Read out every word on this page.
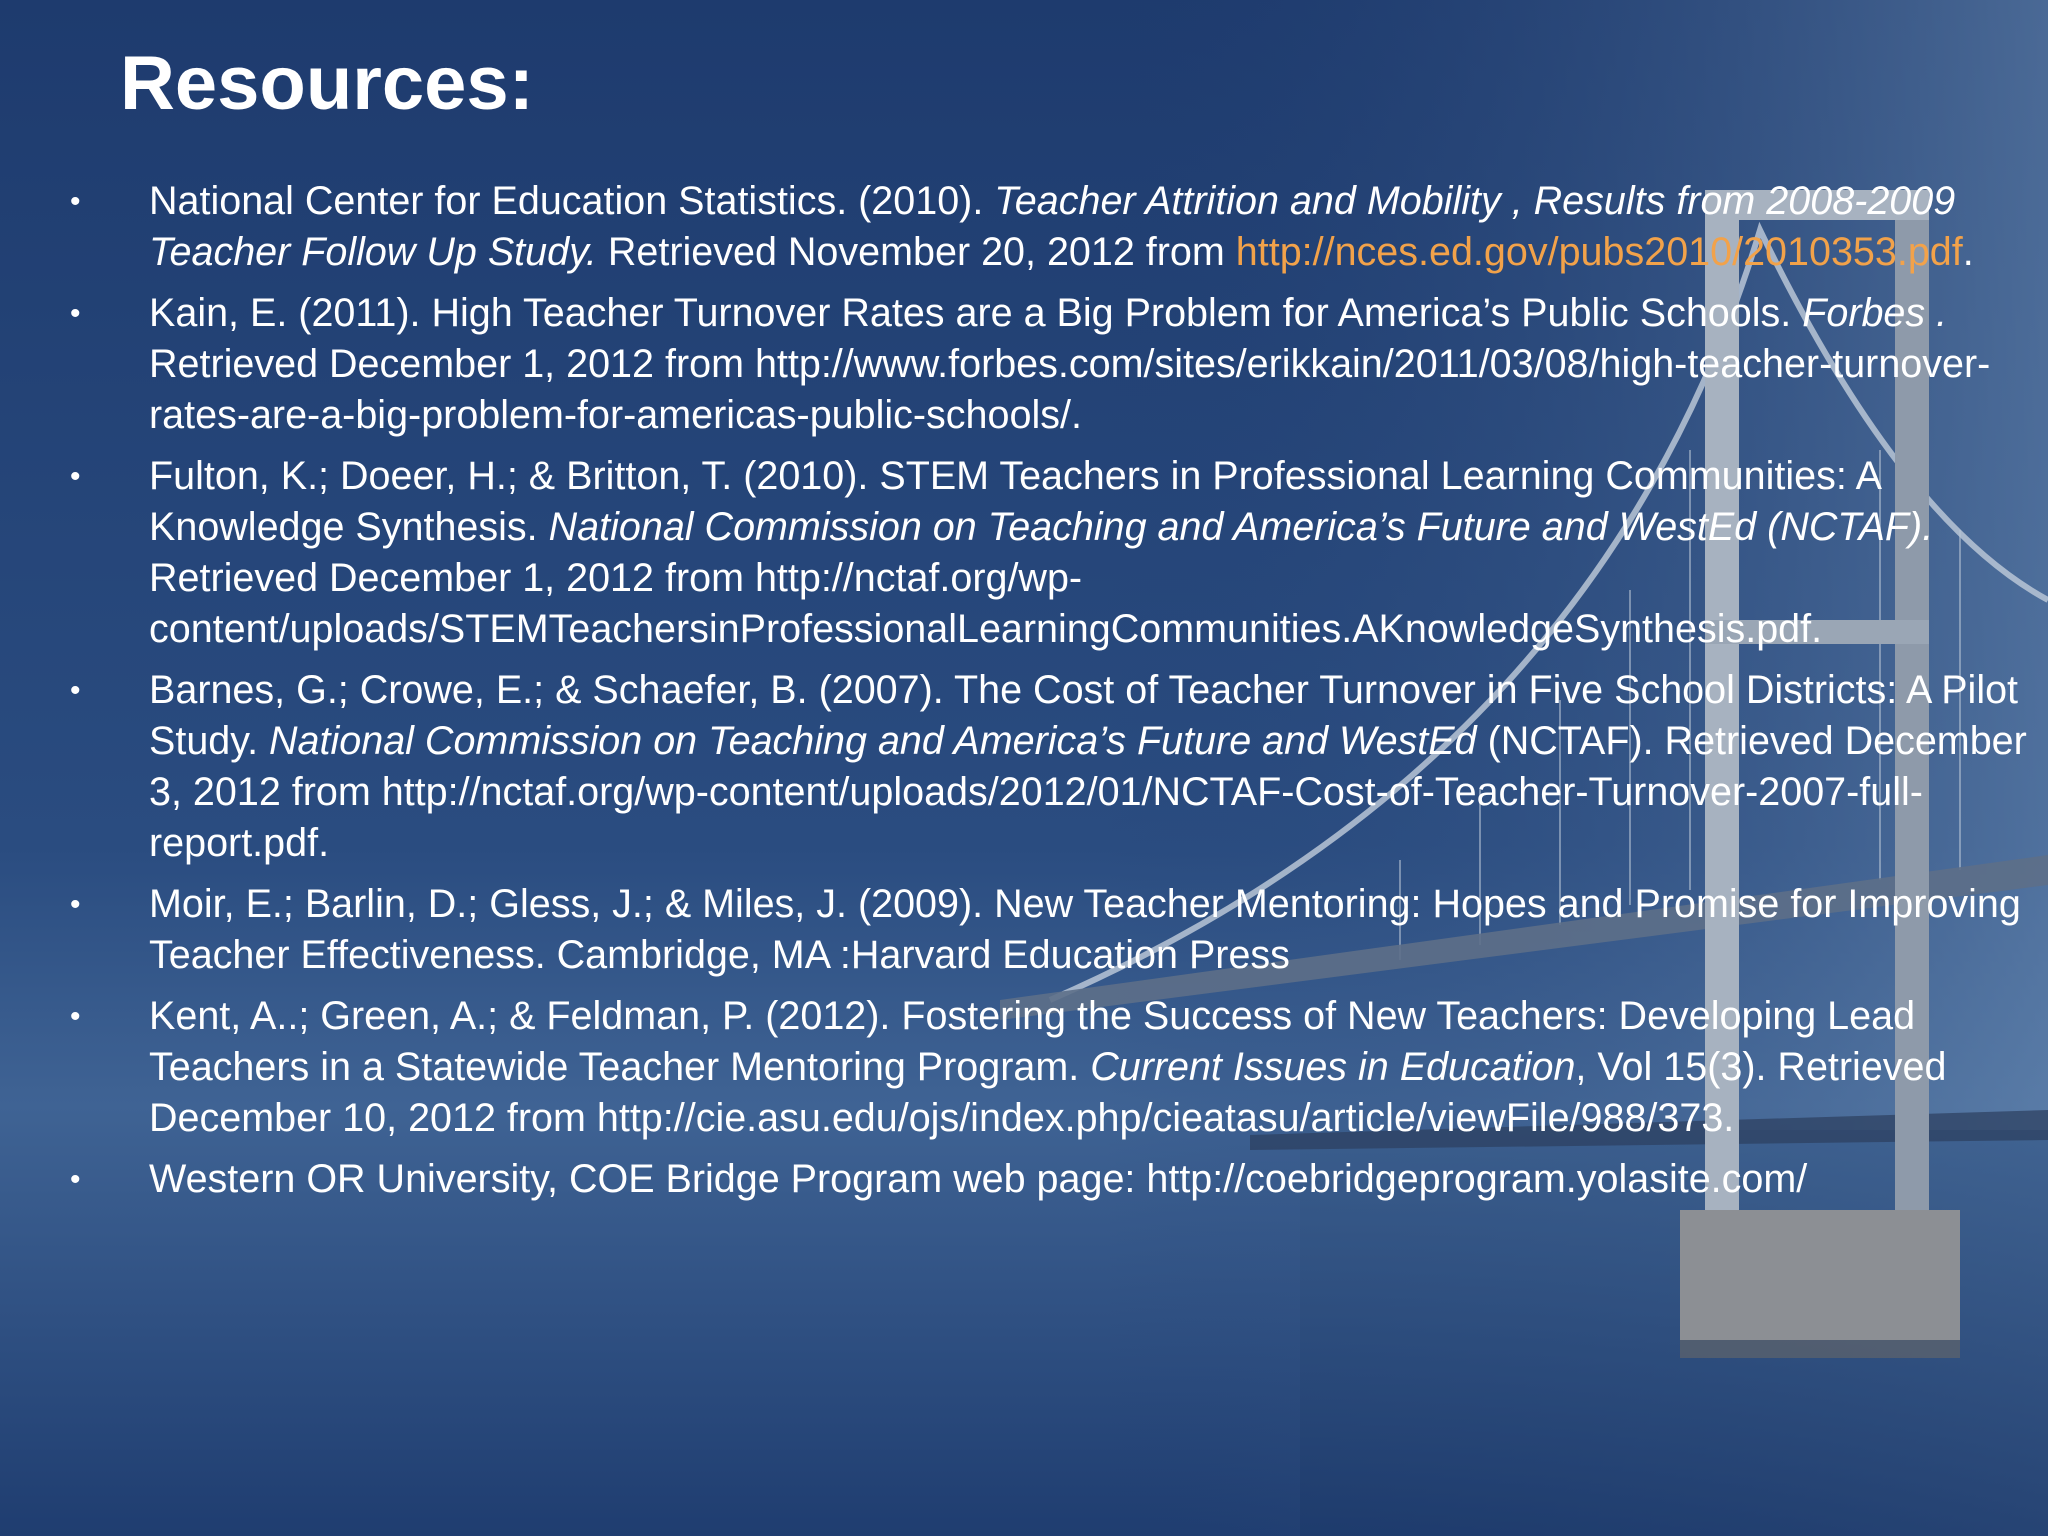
Resources:
• National Center for Education Statistics. (2010). Teacher Attrition and Mobility , Results from 2008-2009 Teacher Follow Up Study. Retrieved November 20, 2012 from http://nces.ed.gov/pubs2010/2010353.pdf.
• Kain, E. (2011). High Teacher Turnover Rates are a Big Problem for America’s Public Schools. Forbes . Retrieved December 1, 2012 from http://www.forbes.com/sites/erikkain/2011/03/08/high-teacher-turnover-rates-are-a-big-problem-for-americas-public-schools/.
• Fulton, K.; Doeer, H.; & Britton, T. (2010). STEM Teachers in Professional Learning Communities: A Knowledge Synthesis. National Commission on Teaching and America’s Future and WestEd (NCTAF). Retrieved December 1, 2012 from http://nctaf.org/wp-content/uploads/STEMTeachersinProfessionalLearningCommunities.AKnowledgeSynthesis.pdf.
• Barnes, G.; Crowe, E.; & Schaefer, B. (2007). The Cost of Teacher Turnover in Five School Districts: A Pilot Study. National Commission on Teaching and America’s Future and WestEd (NCTAF). Retrieved December 3, 2012 from http://nctaf.org/wp-content/uploads/2012/01/NCTAF-Cost-of-Teacher-Turnover-2007-full-report.pdf.
• Moir, E.; Barlin, D.; Gless, J.; & Miles, J. (2009). New Teacher Mentoring: Hopes and Promise for Improving Teacher Effectiveness. Cambridge, MA :Harvard Education Press
• Kent, A..; Green, A.; & Feldman, P. (2012). Fostering the Success of New Teachers: Developing Lead Teachers in a Statewide Teacher Mentoring Program. Current Issues in Education, Vol 15(3). Retrieved December 10, 2012 from http://cie.asu.edu/ojs/index.php/cieatasu/article/viewFile/988/373.
• Western OR University, COE Bridge Program web page: http://coebridgeprogram.yolasite.com/
